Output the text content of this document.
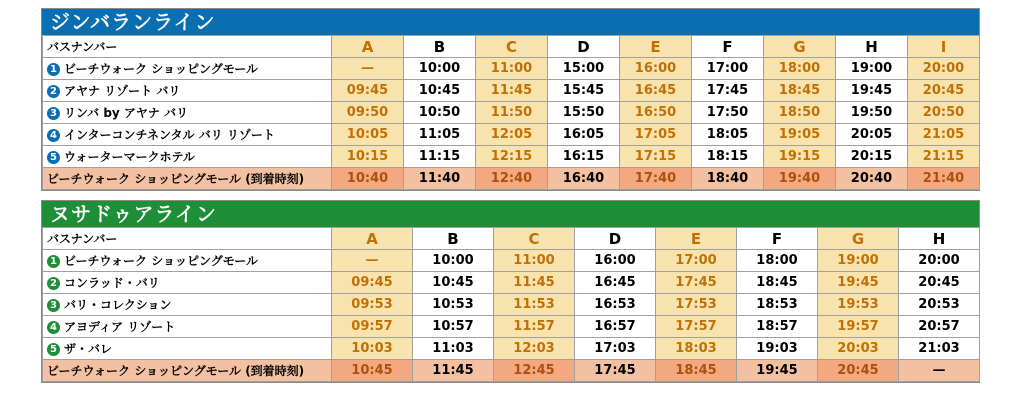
ジンバランライン
バスナンバー	A	B	C	D	E	F	G	H	I
1 ビーチウォーク ショッピングモール	—	10:00	11:00	15:00	16:00	17:00	18:00	19:00	20:00
2 アヤナ リゾート バリ	09:45	10:45	11:45	15:45	16:45	17:45	18:45	19:45	20:45
3 リンバ by アヤナ バリ	09:50	10:50	11:50	15:50	16:50	17:50	18:50	19:50	20:50
4 インターコンチネンタル バリ リゾート	10:05	11:05	12:05	16:05	17:05	18:05	19:05	20:05	21:05
5 ウォーターマークホテル	10:15	11:15	12:15	16:15	17:15	18:15	19:15	20:15	21:15
ビーチウォーク ショッピングモール (到着時刻)	10:40	11:40	12:40	16:40	17:40	18:40	19:40	20:40	21:40
ヌサドゥアライン
バスナンバー	A	B	C	D	E	F	G	H
1 ビーチウォーク ショッピングモール	—	10:00	11:00	16:00	17:00	18:00	19:00	20:00
2 コンラッド・バリ	09:45	10:45	11:45	16:45	17:45	18:45	19:45	20:45
3 バリ・コレクション	09:53	10:53	11:53	16:53	17:53	18:53	19:53	20:53
4 アヨディア リゾート	09:57	10:57	11:57	16:57	17:57	18:57	19:57	20:57
5 ザ・バレ	10:03	11:03	12:03	17:03	18:03	19:03	20:03	21:03
ビーチウォーク ショッピングモール (到着時刻)	10:45	11:45	12:45	17:45	18:45	19:45	20:45	—
